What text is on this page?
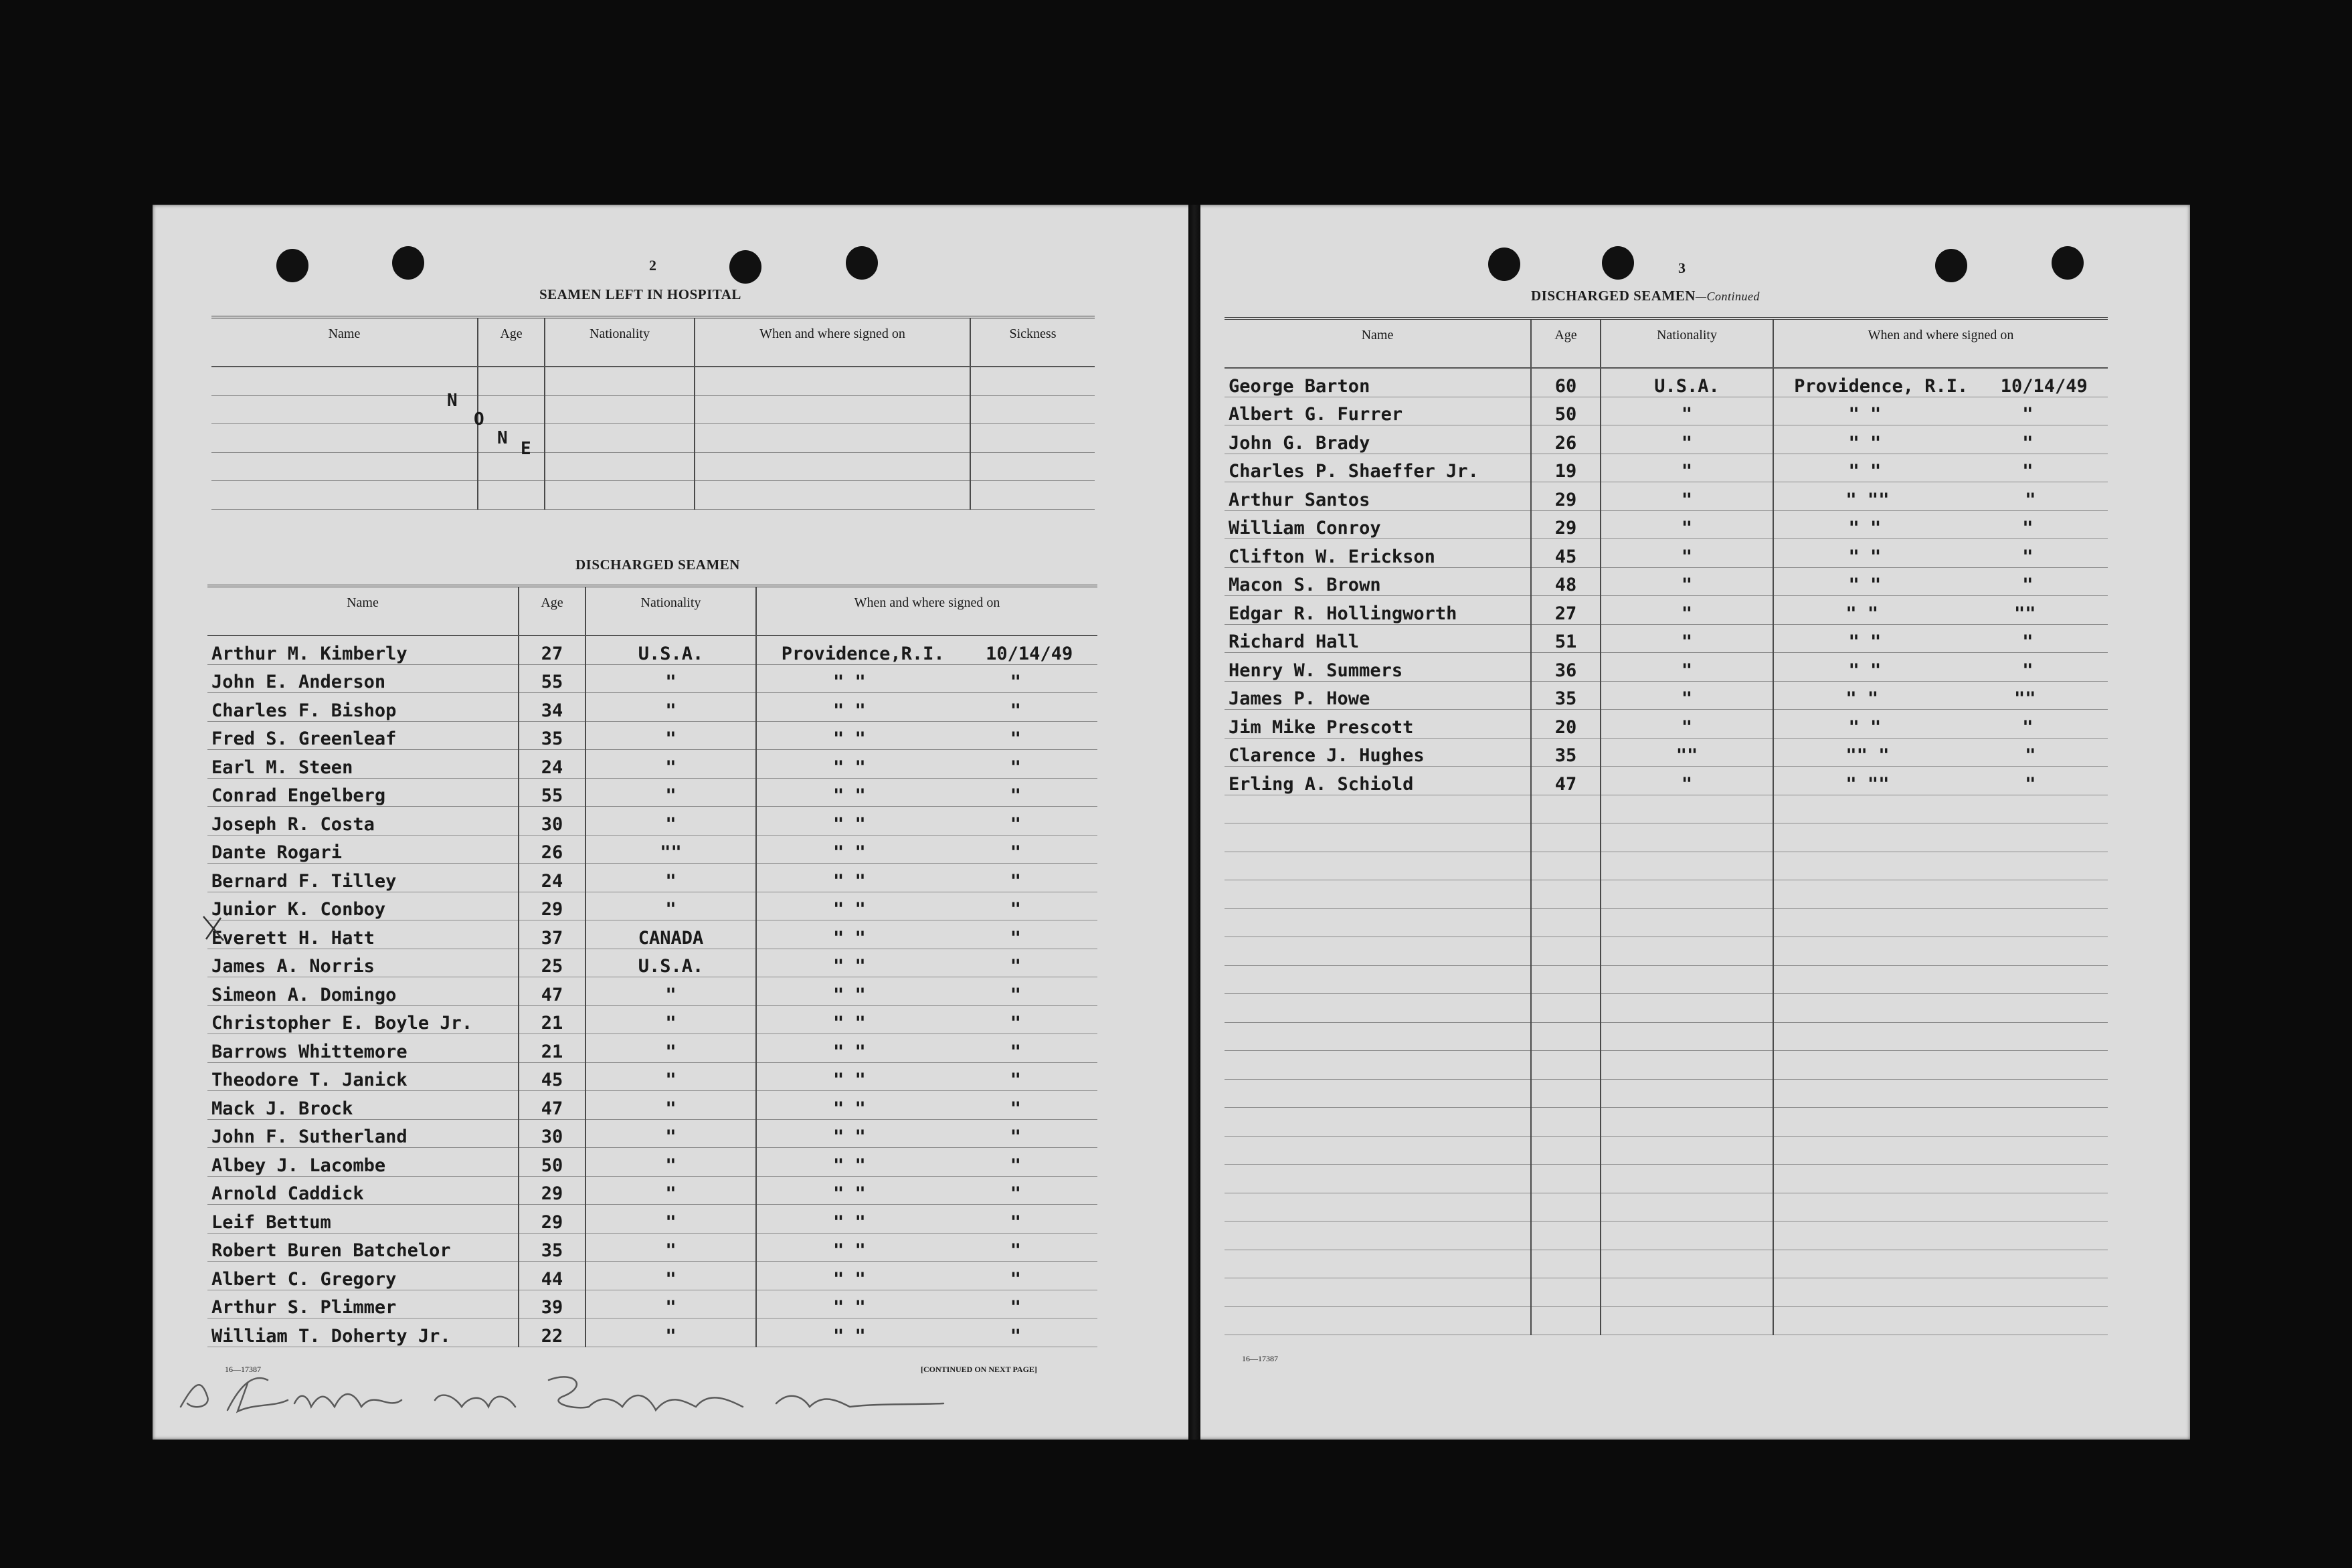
2
SEAMEN LEFT IN HOSPITAL
Name	Age	Nationality	When and where signed on	Sickness

N
O
N
E
DISCHARGED SEAMEN
Name	Age	Nationality	When and where signed on
Arthur M. Kimberly	27	U.S.A.	Providence,R.I. 10/14/49

John E. Anderson	55	"	" " "

Charles F. Bishop	34	"	" " "

Fred S. Greenleaf	35	"	" " "

Earl M. Steen	24	"	" " "

Conrad Engelberg	55	"	" " "

Joseph R. Costa	30	"	" " "

Dante Rogari	26	""	" " "

Bernard F. Tilley	24	"	" " "

Junior K. Conboy	29	"	" " "

Everett H. Hatt	37	CANADA	" " "

James A. Norris	25	U.S.A.	" " "

Simeon A. Domingo	47	"	" " "

Christopher E. Boyle Jr.	21	"	" " "

Barrows Whittemore	21	"	" " "

Theodore T. Janick	45	"	" " "

Mack J. Brock	47	"	" " "

John F. Sutherland	30	"	" " "

Albey J. Lacombe	50	"	" " "

Arnold Caddick	29	"	" " "

Leif Bettum	29	"	" " "

Robert Buren Batchelor	35	"	" " "

Albert C. Gregory	44	"	" " "

Arthur S. Plimmer	39	"	" " "

William T. Doherty Jr.	22	"	" " "
16—17387	[CONTINUED ON NEXT PAGE]
3
DISCHARGED SEAMEN—Continued
Name	Age	Nationality	When and where signed on
George Barton	60	U.S.A.	Providence, R.I. 10/14/49

Albert G. Furrer	50	"	" " "

John G. Brady	26	"	" " "

Charles P. Shaeffer Jr.	19	"	" " "

Arthur Santos	29	"	" "" "

William Conroy	29	"	" " "

Clifton W. Erickson	45	"	" " "

Macon S. Brown	48	"	" " "

Edgar R. Hollingworth	27	"	" " ""

Richard Hall	51	"	" " "

Henry W. Summers	36	"	" " "

James P. Howe	35	"	" " ""

Jim Mike Prescott	20	"	" " "

Clarence J. Hughes	35	""	"" " "

Erling A. Schiold	47	"	" "" "

16—17387
